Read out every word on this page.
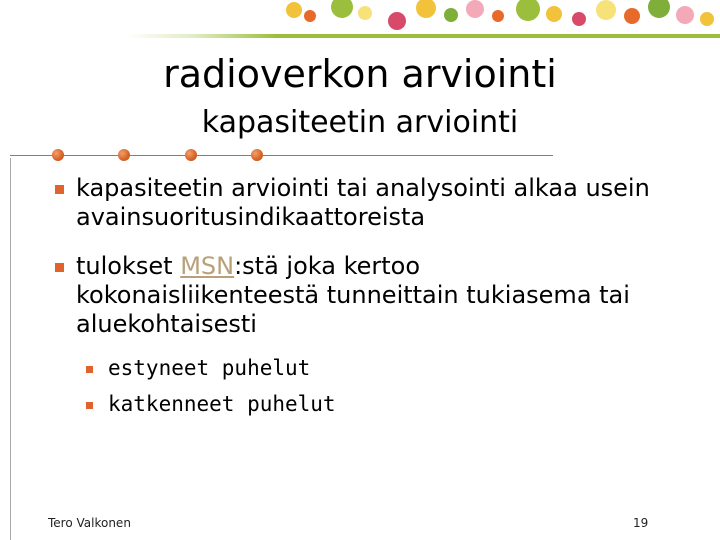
radioverkon arviointi
kapasiteetin arviointi
kapasiteetin arviointi tai analysointi alkaa usein
avainsuoritusindikaattoreista
tulokset MSN:stä joka kertoo
kokonaisliikenteestä tunneittain tukiasema tai
aluekohtaisesti
estyneet puhelut
katkenneet puhelut
Tero Valkonen	19
